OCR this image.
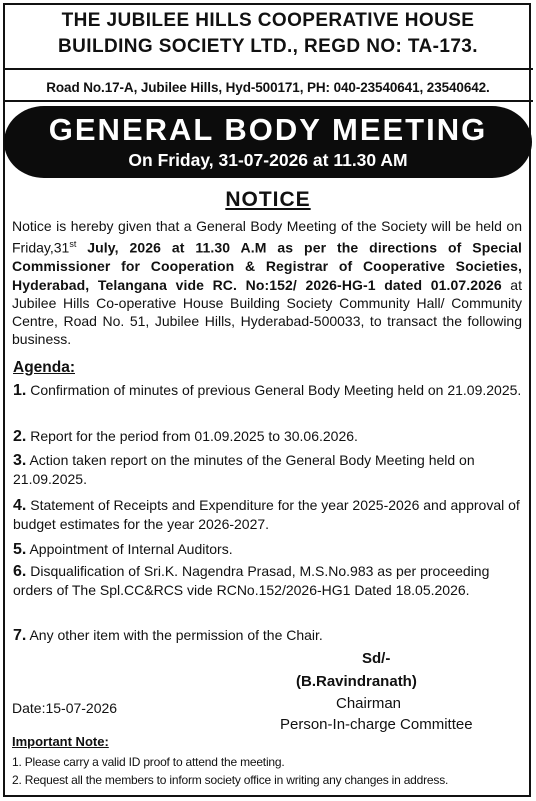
THE JUBILEE HILLS COOPERATIVE HOUSE
BUILDING SOCIETY LTD., REGD NO: TA-173.
Road No.17-A, Jubilee Hills, Hyd-500171, PH: 040-23540641, 23540642.
GENERAL BODY MEETING
On Friday, 31-07-2026 at 11.30 AM
NOTICE
Notice is hereby given that a General Body Meeting of the Society will be held on Friday,31st July, 2026 at 11.30 A.M as per the directions of Special Commissioner for Cooperation & Registrar of Cooperative Societies, Hyderabad, Telangana vide RC. No:152/ 2026-HG-1 dated 01.07.2026 at Jubilee Hills Co-operative House Building Society Community Hall/ Community Centre, Road No. 51, Jubilee Hills, Hyderabad-500033, to transact the following business.
Agenda:
1. Confirmation of minutes of previous General Body Meeting held on 21.09.2025.
2. Report for the period from 01.09.2025 to 30.06.2026.
3. Action taken report on the minutes of the General Body Meeting held on 21.09.2025.
4. Statement of Receipts and Expenditure for the year 2025-2026 and approval of budget estimates for the year 2026-2027.
5. Appointment of Internal Auditors.
6. Disqualification of Sri.K. Nagendra Prasad, M.S.No.983 as per proceeding orders of The Spl.CC&RCS vide RCNo.152/2026-HG1 Dated 18.05.2026.
7. Any other item with the permission of the Chair.
Sd/-
(B.Ravindranath)
Chairman
Person-In-charge Committee
Date:15-07-2026
Important Note:
1. Please carry a valid ID proof to attend the meeting.
2. Request all the members to inform society office in writing any changes in address.
